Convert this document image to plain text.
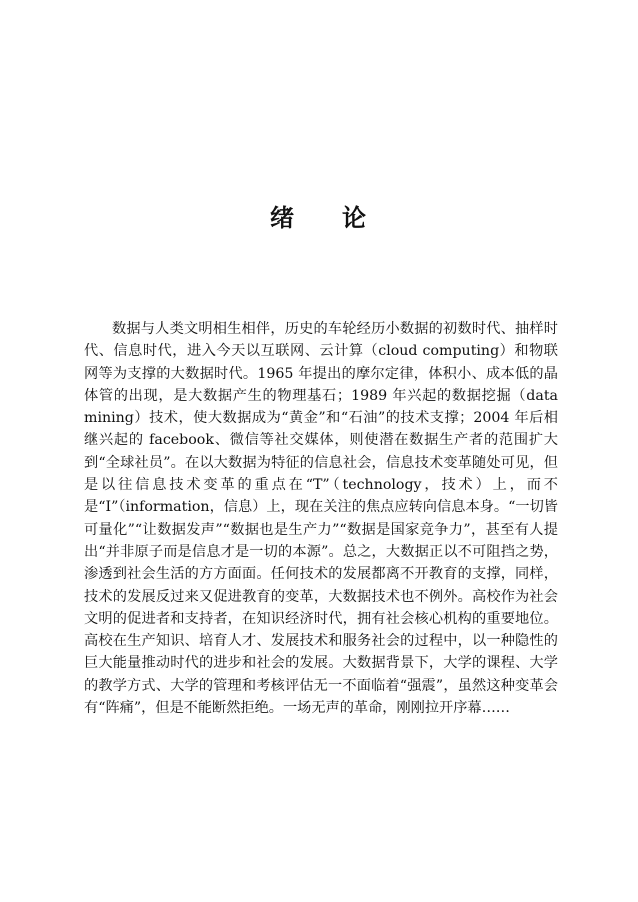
绪 论

数据与人类文明相生相伴，历史的车轮经历小数据的初数时代、抽样时代、信息时代，进入今天以互联网、云计算（cloud computing）和物联网等为支撑的大数据时代。1965 年提出的摩尔定律，体积小、成本低的晶体管的出现，是大数据产生的物理基石；1989 年兴起的数据挖掘（data mining）技术，使大数据成为“黄金”和“石油”的技术支撑；2004 年后相继兴起的 facebook、微信等社交媒体，则使潜在数据生产者的范围扩大到“全球社员”。在以大数据为特征的信息社会，信息技术变革随处可见，但是以往信息技术变革的重点在“T”（technology，技术）上，而不是“I”（information，信息）上，现在关注的焦点应转向信息本身。“一切皆可量化”“让数据发声”“数据也是生产力”“数据是国家竞争力”，甚至有人提出“并非原子而是信息才是一切的本源”。总之，大数据正以不可阻挡之势，渗透到社会生活的方方面面。任何技术的发展都离不开教育的支撑，同样，技术的发展反过来又促进教育的变革，大数据技术也不例外。高校作为社会文明的促进者和支持者，在知识经济时代，拥有社会核心机构的重要地位。高校在生产知识、培育人才、发展技术和服务社会的过程中，以一种隐性的巨大能量推动时代的进步和社会的发展。大数据背景下，大学的课程、大学的教学方式、大学的管理和考核评估无一不面临着“强震”，虽然这种变革会有“阵痛”，但是不能断然拒绝。一场无声的革命，刚刚拉开序幕……
